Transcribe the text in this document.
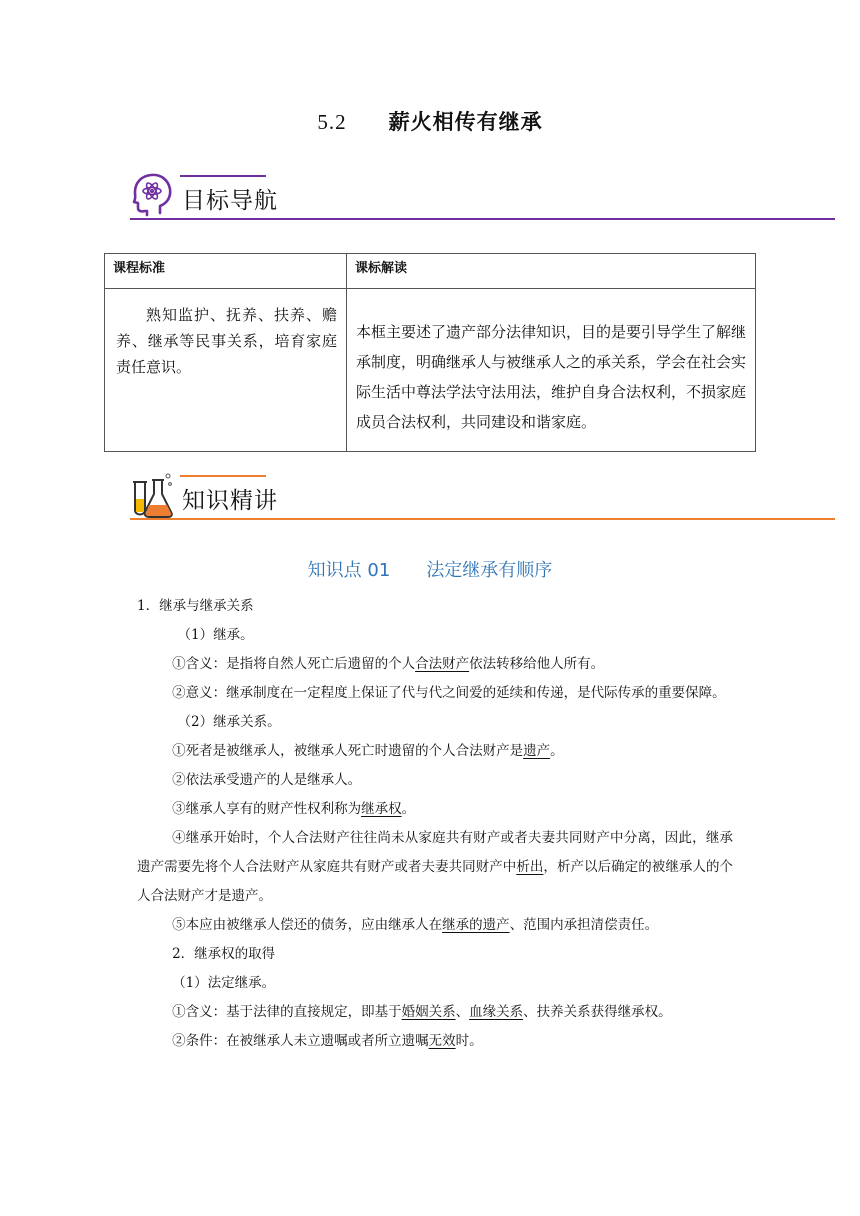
5.2 薪火相传有继承
目标导航
课程标准	课标解读

熟知监护、抚养、扶养、赡养、继承等民事关系，培育家庭责任意识。	本框主要述了遗产部分法律知识，目的是要引导学生了解继承制度，明确继承人与被继承人之的承关系，学会在社会实际生活中尊法学法守法用法，维护自身合法权利，不损家庭成员合法权利，共同建设和谐家庭。
知识精讲
知识点 01 法定继承有顺序

1．继承与继承关系

（1）继承。

①含义：是指将自然人死亡后遗留的个人合法财产依法转移给他人所有。

②意义：继承制度在一定程度上保证了代与代之间爱的延续和传递，是代际传承的重要保障。

（2）继承关系。

①死者是被继承人，被继承人死亡时遗留的个人合法财产是遗产。

②依法承受遗产的人是继承人。

③继承人享有的财产性权利称为继承权。

④继承开始时，个人合法财产往往尚未从家庭共有财产或者夫妻共同财产中分离，因此，继承遗产需要先将个人合法财产从家庭共有财产或者夫妻共同财产中析出，析产以后确定的被继承人的个人合法财产才是遗产。

⑤本应由被继承人偿还的债务，应由继承人在继承的遗产、范围内承担清偿责任。

2．继承权的取得

（1）法定继承。

①含义：基于法律的直接规定，即基于婚姻关系、血缘关系、扶养关系获得继承权。

②条件：在被继承人未立遗嘱或者所立遗嘱无效时。
